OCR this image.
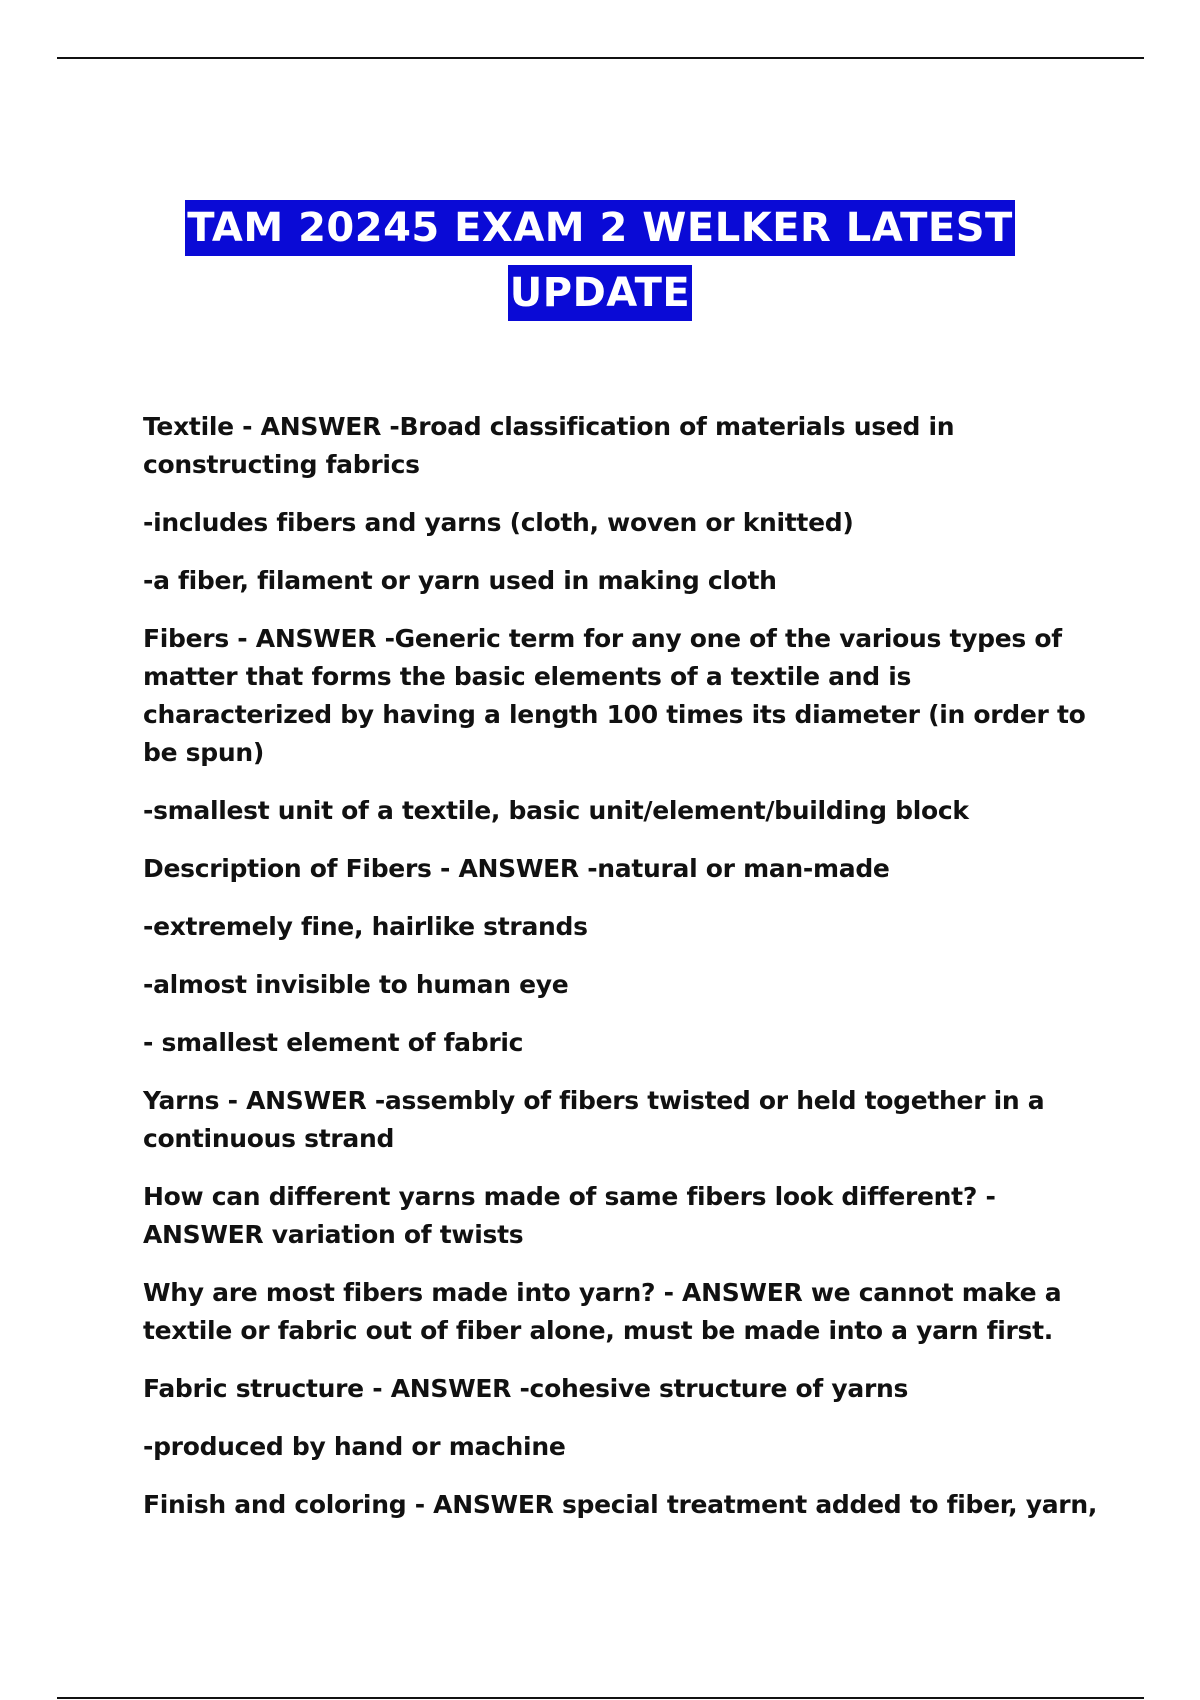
TAM 20245 EXAM 2 WELKER LATEST
UPDATE

Textile - ANSWER -Broad classification of materials used in constructing fabrics

-includes fibers and yarns (cloth, woven or knitted)

-a fiber, filament or yarn used in making cloth

Fibers - ANSWER -Generic term for any one of the various types of matter that forms the basic elements of a textile and is characterized by having a length 100 times its diameter (in order to be spun)

-smallest unit of a textile, basic unit/element/building block

Description of Fibers - ANSWER -natural or man-made

-extremely fine, hairlike strands

-almost invisible to human eye

- smallest element of fabric

Yarns - ANSWER -assembly of fibers twisted or held together in a continuous strand

How can different yarns made of same fibers look different? - ANSWER variation of twists

Why are most fibers made into yarn? - ANSWER we cannot make a textile or fabric out of fiber alone, must be made into a yarn first.

Fabric structure - ANSWER -cohesive structure of yarns

-produced by hand or machine

Finish and coloring - ANSWER special treatment added to fiber, yarn,
